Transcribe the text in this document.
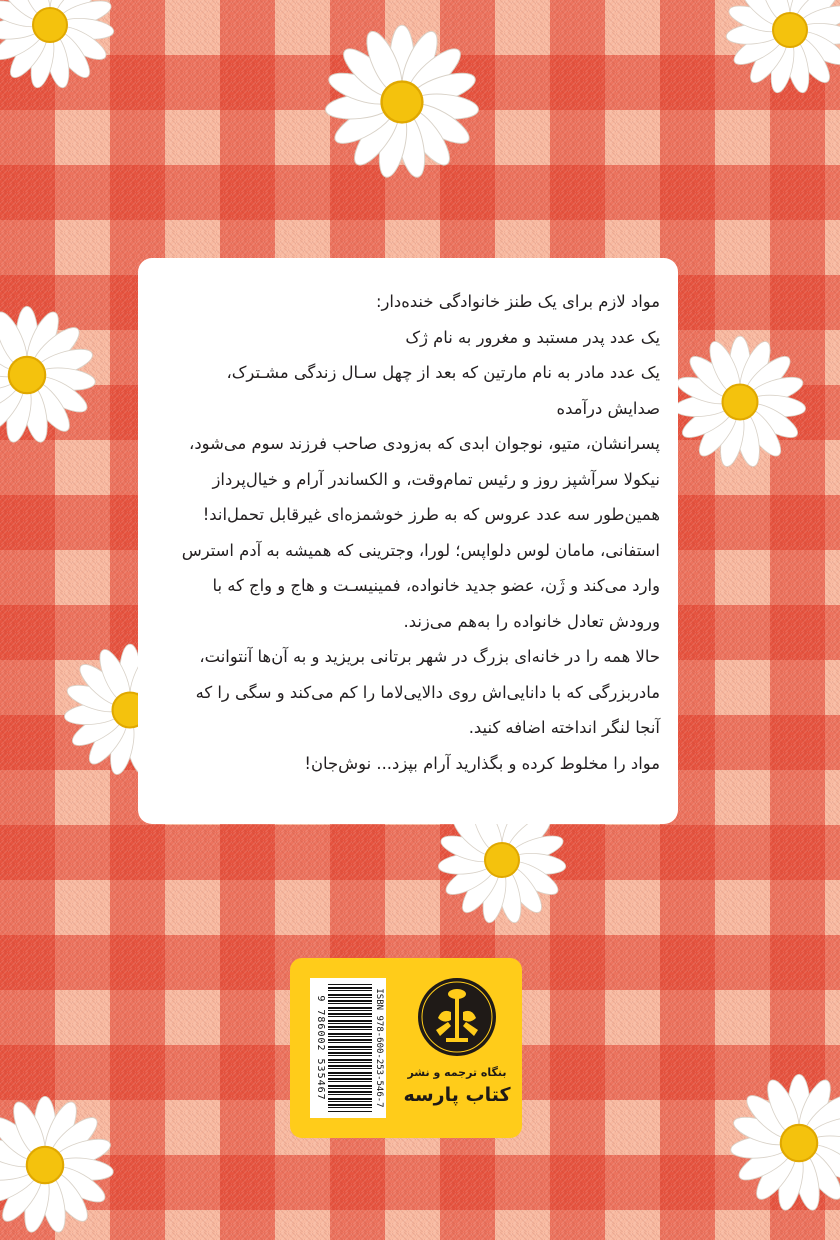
مواد لازم برای یک طنز خانوادگی خنده‌دار:
یک عدد پدر مستبد و مغرور به نام ژک
یک عدد مادر به نام مارتین که بعد از چهل سـال زندگی مشـترک،
صدایش درآمده

پسرانشان، متیو، نوجوان ابدی که به‌زودی صاحب فرزند سوم می‌شود،
نیکولا سرآشپز روز و رئیس تمام‌وقت، و الکساندر آرام و خیال‌پرداز

همین‌طور سه عدد عروس که به طرز خوشمزه‌ای غیرقابل تحمل‌اند!

استفانی، مامان لوس دلواپس؛ لورا، وجترینی که همیشه به آدم استرس
وارد می‌کند و ژَن، عضو جدید خانواده، فمینیسـت و هاج و واج که با
ورودش تعادل خانواده را به‌هم می‌زند.

حالا همه را در خانه‌ای بزرگ در شهر برتانی بریزید و به آن‌ها آنتوانت،
مادربزرگی که با دانایی‌اش روی دالایی‌لاما را کم می‌کند و سگی را که
آنجا لنگر انداخته اضافه کنید.

مواد را مخلوط کرده و بگذارید آرام بپزد... نوش‌جان!

ISBN 978-600-253-546-7
9 786002 535467	بنگاه ترجمه و نشر
کتاب پارسه
